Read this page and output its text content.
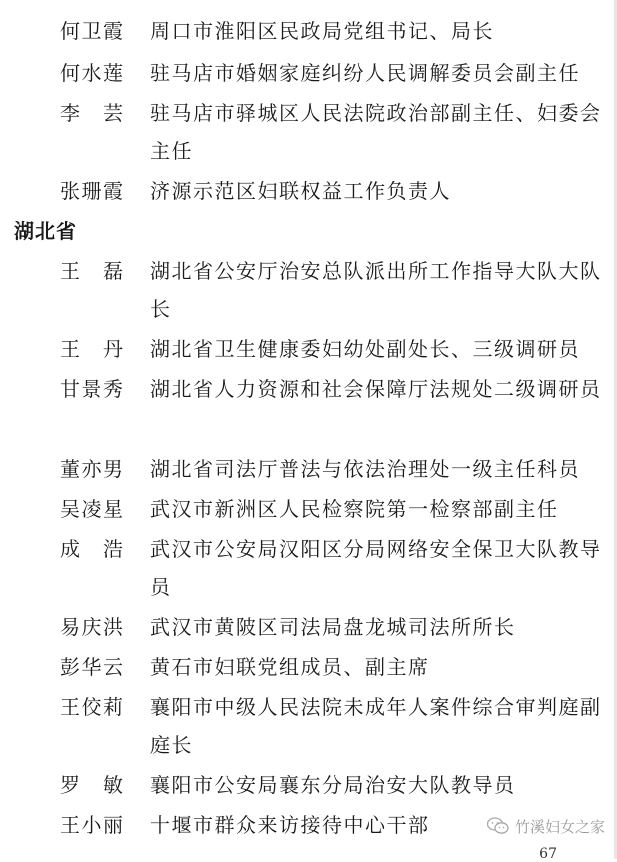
何卫霞	周口市淮阳区民政局党组书记、局长
何水莲	驻马店市婚姻家庭纠纷人民调解委员会副主任
李　芸	驻马店市驿城区人民法院政治部副主任、妇委会主任
张珊霞	济源示范区妇联权益工作负责人
湖北省
王　磊	湖北省公安厅治安总队派出所工作指导大队大队长
王　丹	湖北省卫生健康委妇幼处副处长、三级调研员
甘景秀	湖北省人力资源和社会保障厅法规处二级调研员
董亦男	湖北省司法厅普法与依法治理处一级主任科员
吴凌星	武汉市新洲区人民检察院第一检察部副主任
成　浩	武汉市公安局汉阳区分局网络安全保卫大队教导员
易庆洪	武汉市黄陂区司法局盘龙城司法所所长
彭华云	黄石市妇联党组成员、副主席
王佼莉	襄阳市中级人民法院未成年人案件综合审判庭副庭长
罗　敏	襄阳市公安局襄东分局治安大队教导员
王小丽	十堰市群众来访接待中心干部	竹溪妇女之家
67
